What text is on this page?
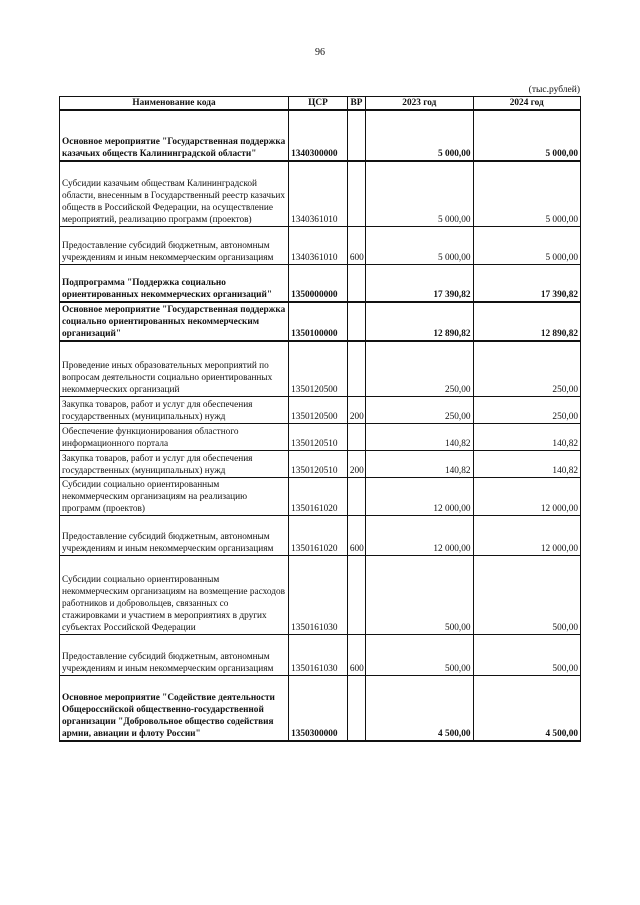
96
(тыс.рублей)
Наименование кода	ЦСР	ВР	2023 год	2024 год
Основное мероприятие "Государственная поддержка казачьих обществ Калининградской области"	1340300000		5 000,00	5 000,00
Субсидии казачьим обществам Калининградской области, внесенным в Государственный реестр казачьих обществ в Российской Федерации, на осуществление мероприятий, реализацию программ (проектов)	1340361010		5 000,00	5 000,00
Предоставление субсидий бюджетным, автономным учреждениям и иным некоммерческим организациям	1340361010	600	5 000,00	5 000,00
Подпрограмма "Поддержка социально ориентированных некоммерческих организаций"	1350000000		17 390,82	17 390,82
Основное мероприятие "Государственная поддержка социально ориентированных некоммерческим организаций"	1350100000		12 890,82	12 890,82
Проведение иных образовательных мероприятий по вопросам деятельности социально ориентированных некоммерческих организаций	1350120500		250,00	250,00
Закупка товаров, работ и услуг для обеспечения государственных (муниципальных) нужд	1350120500	200	250,00	250,00
Обеспечение функционирования областного информационного портала	1350120510		140,82	140,82
Закупка товаров, работ и услуг для обеспечения государственных (муниципальных) нужд	1350120510	200	140,82	140,82
Субсидии социально ориентированным некоммерческим организациям на реализацию программ (проектов)	1350161020		12 000,00	12 000,00
Предоставление субсидий бюджетным, автономным учреждениям и иным некоммерческим организациям	1350161020	600	12 000,00	12 000,00
Субсидии социально ориентированным некоммерческим организациям на возмещение расходов работников и добровольцев, связанных со стажировками и участием в мероприятиях в других субъектах Российской Федерации	1350161030		500,00	500,00
Предоставление субсидий бюджетным, автономным учреждениям и иным некоммерческим организациям	1350161030	600	500,00	500,00
Основное мероприятие "Содействие деятельности Общероссийской общественно-государственной организации "Добровольное общество содействия армии, авиации и флоту России"	1350300000		4 500,00	4 500,00
